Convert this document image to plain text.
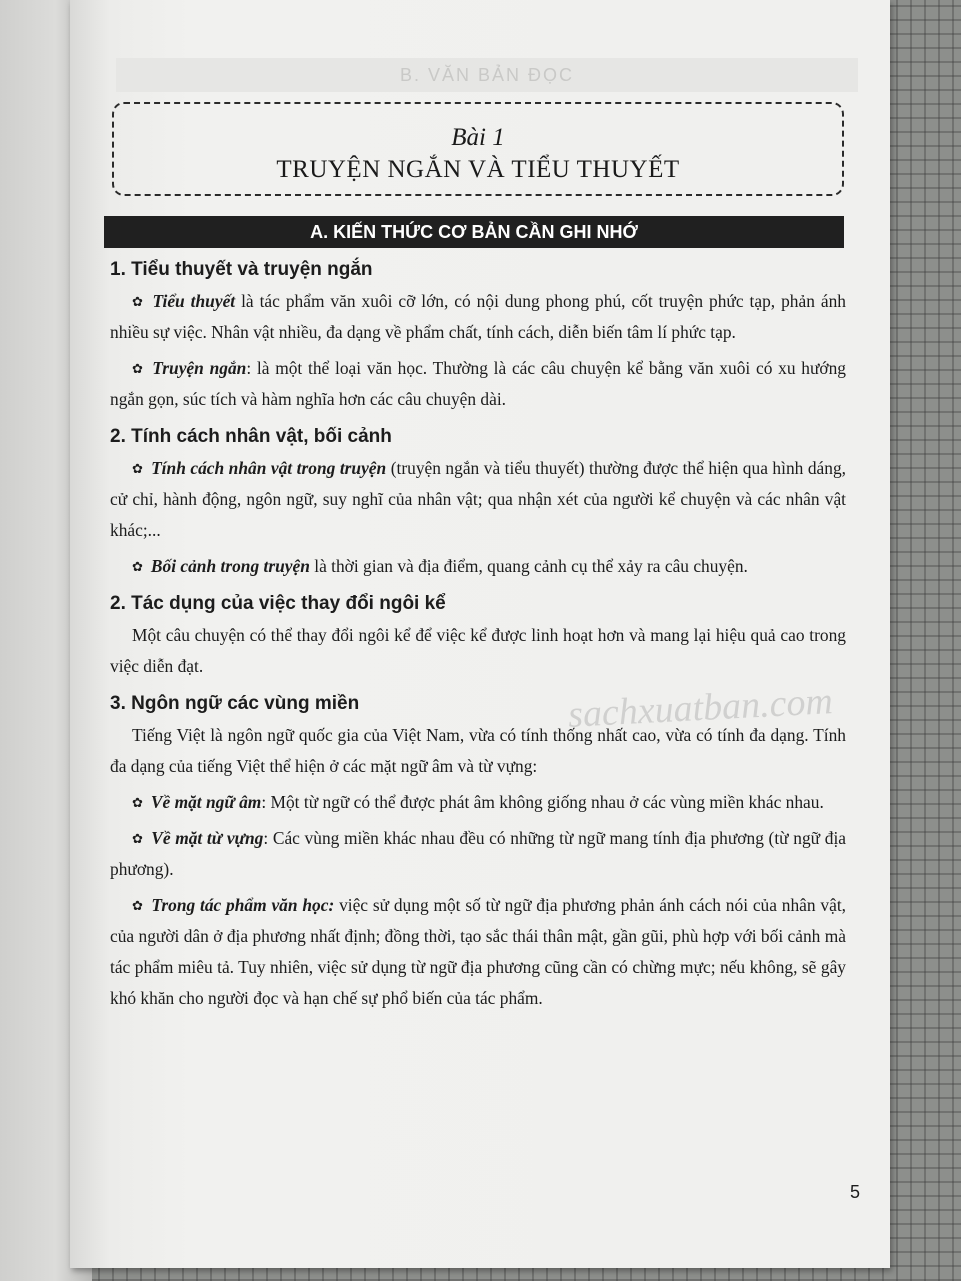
B. VĂN BẢN ĐỌC
Bài 1
TRUYỆN NGẮN VÀ TIỂU THUYẾT
A. KIẾN THỨC CƠ BẢN CẦN GHI NHỚ
1. Tiểu thuyết và truyện ngắn

✿ Tiểu thuyết là tác phẩm văn xuôi cỡ lớn, có nội dung phong phú, cốt truyện phức tạp, phản ánh nhiều sự việc. Nhân vật nhiều, đa dạng về phẩm chất, tính cách, diễn biến tâm lí phức tạp.

✿ Truyện ngắn: là một thể loại văn học. Thường là các câu chuyện kể bằng văn xuôi có xu hướng ngắn gọn, súc tích và hàm nghĩa hơn các câu chuyện dài.

2. Tính cách nhân vật, bối cảnh

✿ Tính cách nhân vật trong truyện (truyện ngắn và tiểu thuyết) thường được thể hiện qua hình dáng, cử chỉ, hành động, ngôn ngữ, suy nghĩ của nhân vật; qua nhận xét của người kể chuyện và các nhân vật khác;...

✿ Bối cảnh trong truyện là thời gian và địa điểm, quang cảnh cụ thể xảy ra câu chuyện.

2. Tác dụng của việc thay đổi ngôi kể

Một câu chuyện có thể thay đổi ngôi kể để việc kể được linh hoạt hơn và mang lại hiệu quả cao trong việc diễn đạt.

3. Ngôn ngữ các vùng miền

Tiếng Việt là ngôn ngữ quốc gia của Việt Nam, vừa có tính thống nhất cao, vừa có tính đa dạng. Tính đa dạng của tiếng Việt thể hiện ở các mặt ngữ âm và từ vựng:

✿ Về mặt ngữ âm: Một từ ngữ có thể được phát âm không giống nhau ở các vùng miền khác nhau.

✿ Về mặt từ vựng: Các vùng miền khác nhau đều có những từ ngữ mang tính địa phương (từ ngữ địa phương).

✿ Trong tác phẩm văn học: việc sử dụng một số từ ngữ địa phương phản ánh cách nói của nhân vật, của người dân ở địa phương nhất định; đồng thời, tạo sắc thái thân mật, gần gũi, phù hợp với bối cảnh mà tác phẩm miêu tả. Tuy nhiên, việc sử dụng từ ngữ địa phương cũng cần có chừng mực; nếu không, sẽ gây khó khăn cho người đọc và hạn chế sự phổ biến của tác phẩm.

sachxuatban.com
5
